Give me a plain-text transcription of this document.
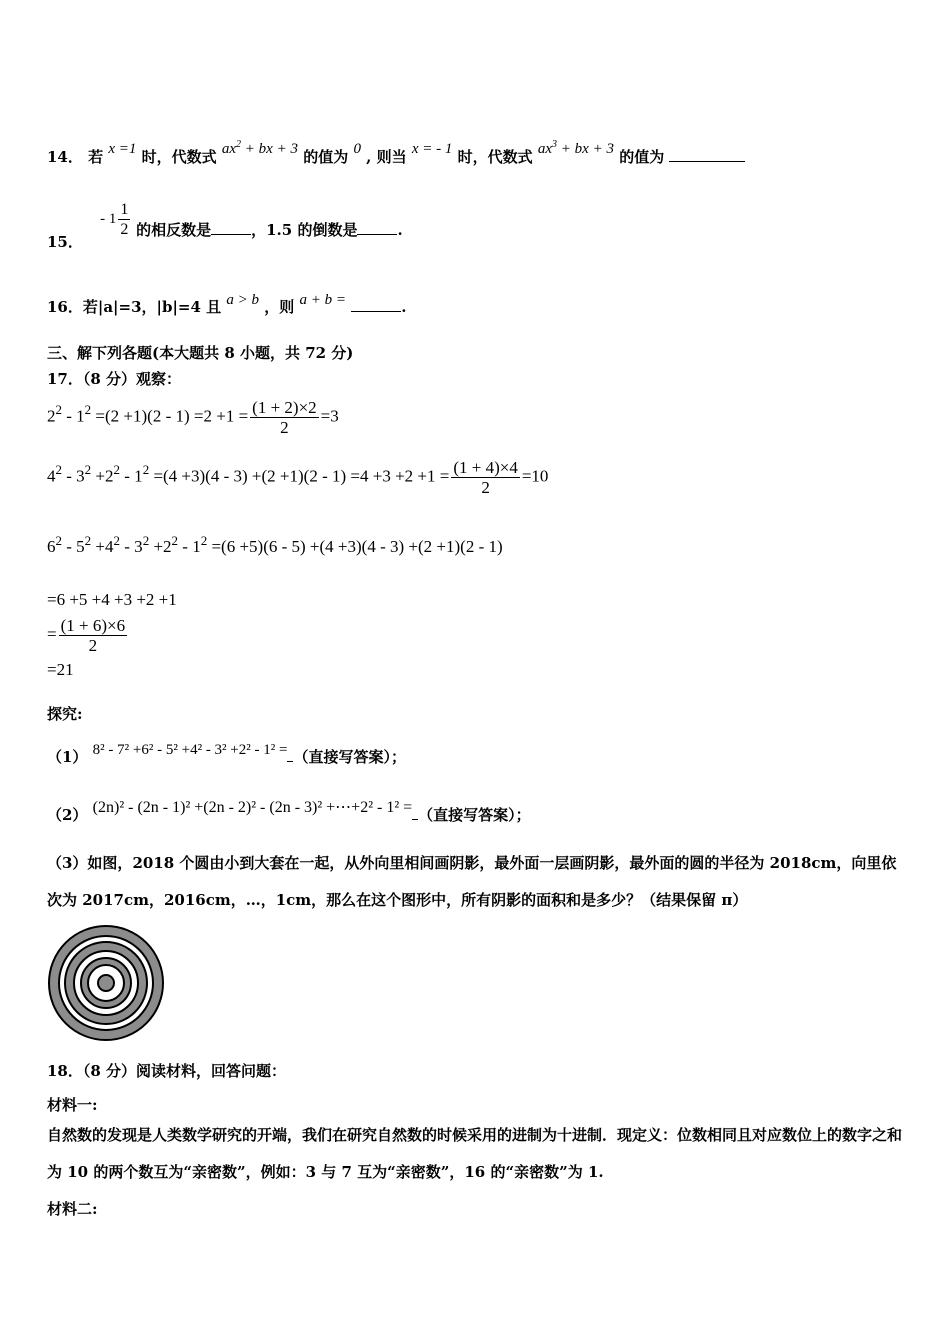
14． 若 x =1 时，代数式 $ax^2$ + bx + 3 的值为 0 , 则当 x = - 1 时，代数式 $ax^3$ + bx + 3 的值为
15． - $1 \frac{1}{2}$ 的相反数是	，1.5 的倒数是	.
16．若|a|=3，|b|=4 且 a > b ，则 a + b =	.
三、解下列各题(本大题共 8 小题，共 72 分)
17．（8 分）观察：
$2^2 - 1^2 =(2 +1)(2 - 1) =2 +1 = \frac{(1 + 2)\times 2}{2} =3$
$4^2 - 3^2 +2^2 - 1^2 =(4 +3)(4 - 3) +(2 +1)(2 - 1) =4 +3 +2 +1 = \frac{(1 + 4)\times 4}{2} =10$
$6^2 - 5^2 +4^2 - 3^2 +2^2 - 1^2 =(6 +5)(6 - 5) +(4 +3)(4 - 3) +(2 +1)(2 - 1)$
=6 +5 +4 +3 +2 +1
= $\frac{(1 + 6)\times 6}{2}$
=21
探究:
（1） 8² - 7² +6² - 5² +4² - 3² +2² - 1² = （直接写答案）；
（2） (2n)² - (2n - 1)² +(2n - 2)² - (2n - 3)² +⋯+2² - 1² = （直接写答案）；
（3）如图，2018 个圆由小到大套在一起，从外向里相间画阴影，最外面一层画阴影，最外面的圆的半径为 2018cm，向里依次为 2017cm，2016cm，…，1cm，那么在这个图形中，所有阴影的面积和是多少？（结果保留 π）
18．（8 分）阅读材料，回答问题：
材料一:
自然数的发现是人类数学研究的开端，我们在研究自然数的时候采用的进制为十进制．现定义：位数相同且对应数位上的数字之和为 10 的两个数互为“亲密数”，例如：3 与 7 互为“亲密数”，16 的“亲密数”为 1.
材料二:
